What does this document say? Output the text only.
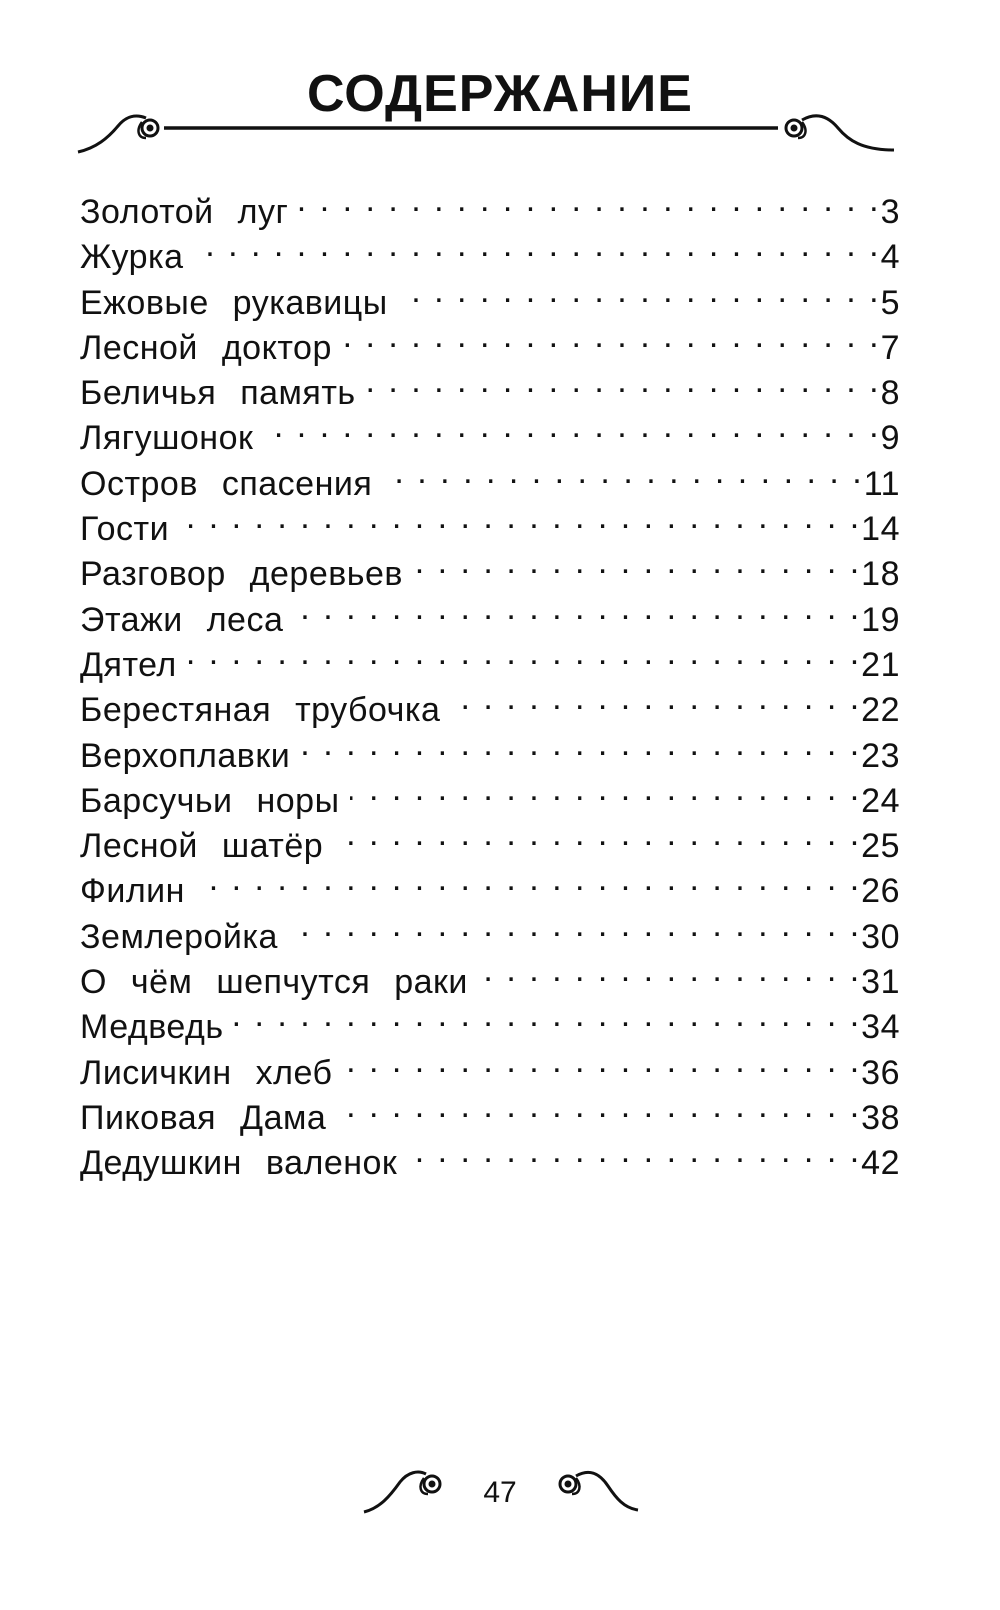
СОДЕРЖАНИЕ
Золотой луг . . .	3
Журка . . .	4
Ежовые рукавицы . . .	5
Лесной доктор . . .	7
Беличья память . . .	8
Лягушонок . . .	9
Остров спасения . . .	11
Гости . . .	14
Разговор деревьев . . .	18
Этажи леса . . .	19
Дятел . . .	21
Берестяная трубочка . . .	22
Верхоплавки . . .	23
Барсучьи норы . . .	24
Лесной шатёр . . .	25
Филин . . .	26
Землеройка . . .	30
О чём шепчутся раки . . .	31
Медведь . . .	34
Лисичкин хлеб . . .	36
Пиковая Дама . . .	38
Дедушкин валенок . . .	42
47
